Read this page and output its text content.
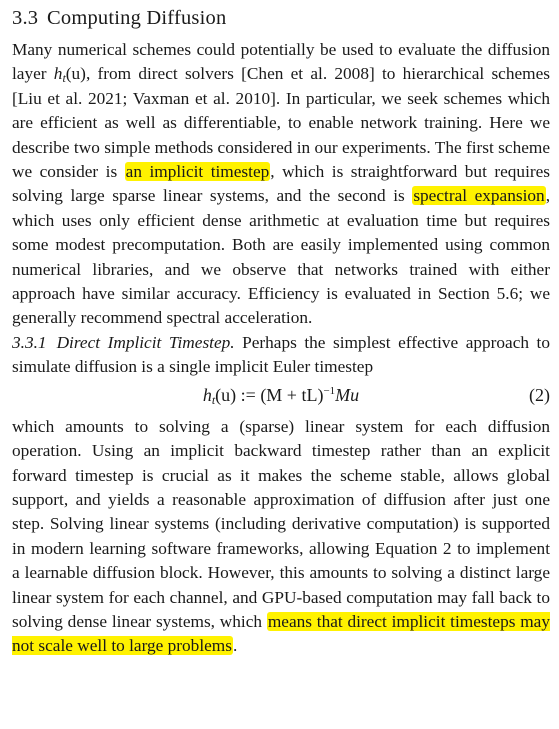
3.3 Computing Diffusion

Many numerical schemes could potentially be used to evaluate the diffusion layer $h_t(u)$, from direct solvers [Chen et al. 2008] to hierarchical schemes [Liu et al. 2021; Vaxman et al. 2010]. In particular, we seek schemes which are efficient as well as differentiable, to enable network training. Here we describe two simple methods considered in our experiments. The first scheme we consider is an implicit timestep, which is straightforward but requires solving large sparse linear systems, and the second is spectral expansion, which uses only efficient dense arithmetic at evaluation time but requires some modest precomputation. Both are easily implemented using common numerical libraries, and we observe that networks trained with either approach have similar accuracy. Efficiency is evaluated in Section 5.6; we generally recommend spectral acceleration.

3.3.1 Direct Implicit Timestep. Perhaps the simplest effective approach to simulate diffusion is a single implicit Euler timestep

$h_t(u)$ := (M + tL)$^{-1}$Mu	(2)

which amounts to solving a (sparse) linear system for each diffusion operation. Using an implicit backward timestep rather than an explicit forward timestep is crucial as it makes the scheme stable, allows global support, and yields a reasonable approximation of diffusion after just one step. Solving linear systems (including derivative computation) is supported in modern learning software frameworks, allowing Equation 2 to implement a learnable diffusion block. However, this amounts to solving a distinct large linear system for each channel, and GPU-based computation may fall back to solving dense linear systems, which means that direct implicit timesteps may not scale well to large problems.
